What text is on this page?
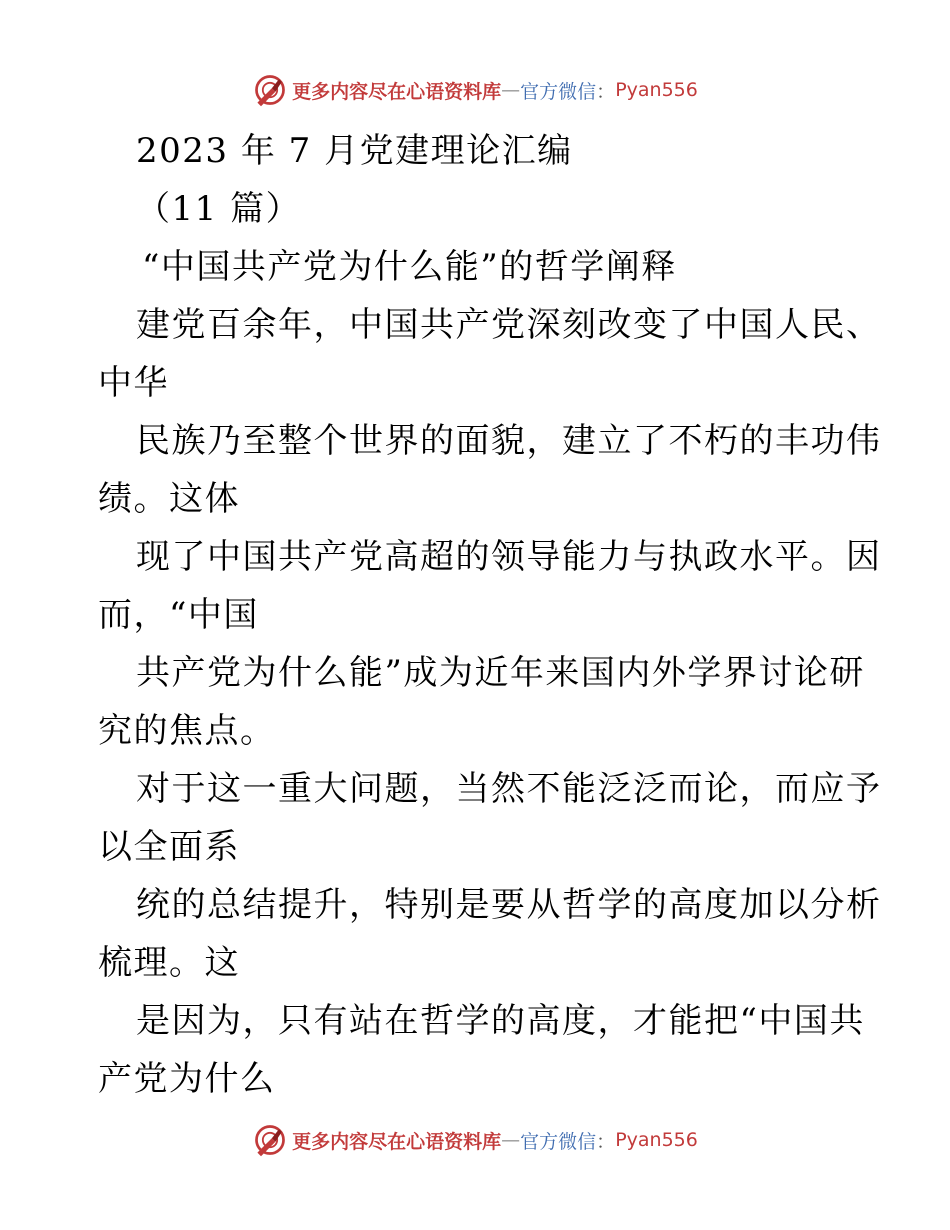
更多内容尽在心语资料库 — 官方微信 ： Pyan556
2023 年 7 月党建理论汇编
（11 篇）
“中国共产党为什么能”的哲学阐释
建党百余年，中国共产党深刻改变了中国人民、
中华
民族乃至整个世界的面貌，建立了不朽的丰功伟
绩。这体
现了中国共产党高超的领导能力与执政水平。因
而，“中国
共产党为什么能”成为近年来国内外学界讨论研
究的焦点。
对于这一重大问题，当然不能泛泛而论，而应予
以全面系
统的总结提升，特别是要从哲学的高度加以分析
梳理。这
是因为，只有站在哲学的高度，才能把“中国共
产党为什么
更多内容尽在心语资料库 — 官方微信 ： Pyan556
